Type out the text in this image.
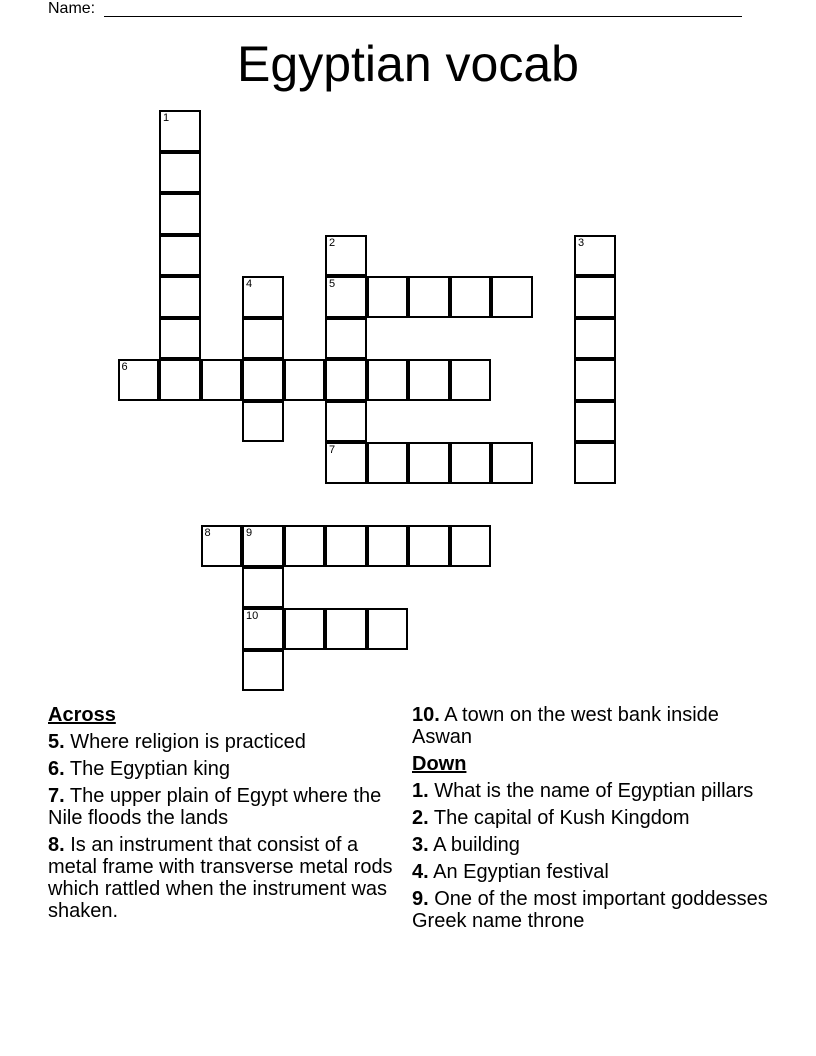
Name:
Egyptian vocab
1
2
5
7
3
4
6
8	9
10
Across
5. Where religion is practiced
6. The Egyptian king
7. The upper plain of Egypt where the Nile floods the lands
8. Is an instrument that consist of a metal frame with transverse metal rods which rattled when the instrument was shaken.
10. A town on the west bank inside Aswan
Down
1. What is the name of Egyptian pillars
2. The capital of Kush Kingdom
3. A building
4. An Egyptian festival
9. One of the most important goddesses Greek name throne
